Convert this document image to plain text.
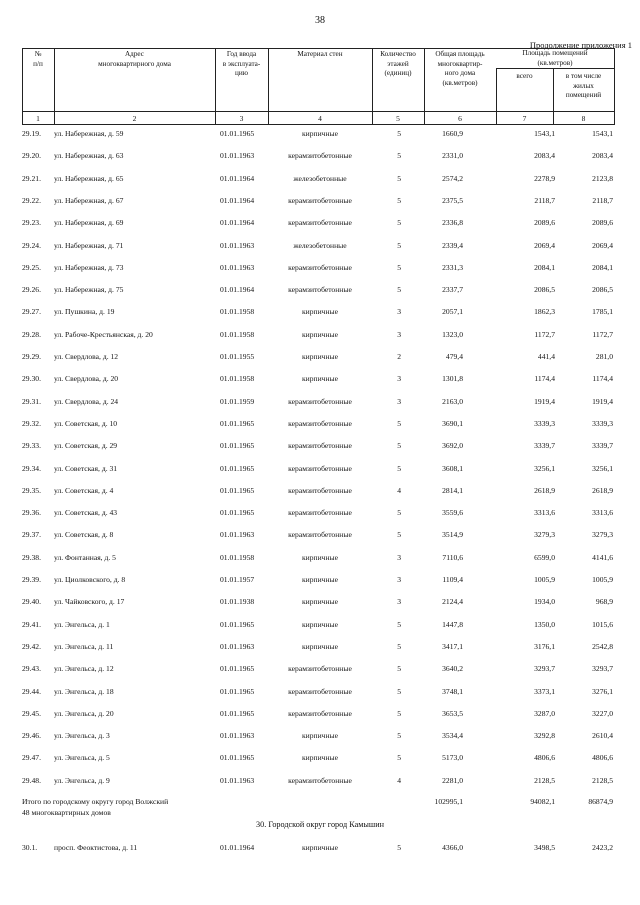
38
Продолжение приложения 1
№
п/п
Адрес
многоквартирного дома
Год ввода
в эксплуата-
цию
Материал стен	Количество
этажей
(единиц)
Общая площадь
многоквартир-
ного дома
(кв.метров)
Площадь помещений
(кв.метров)
всего	в том числе
жилых
помещений
1	2	3	4	5	6	7	8
29.19. ул. Набережная, д. 59	01.01.1965	кирпичные	5	1660,9	1543,1	1543,1
29.20. ул. Набережная, д. 63	01.01.1963	керамзитобетонные	5	2331,0	2083,4	2083,4
29.21. ул. Набережная, д. 65	01.01.1964	железобетонные	5	2574,2	2278,9	2123,8
29.22. ул. Набережная, д. 67	01.01.1964	керамзитобетонные	5	2375,5	2118,7	2118,7
29.23. ул. Набережная, д. 69	01.01.1964	керамзитобетонные	5	2336,8	2089,6	2089,6
29.24. ул. Набережная, д. 71	01.01.1963	железобетонные	5	2339,4	2069,4	2069,4
29.25. ул. Набережная, д. 73	01.01.1963	керамзитобетонные	5	2331,3	2084,1	2084,1
29.26. ул. Набережная, д. 75	01.01.1964	керамзитобетонные	5	2337,7	2086,5	2086,5
29.27. ул. Пушкина, д. 19	01.01.1958	кирпичные	3	2057,1	1862,3	1785,1
29.28. ул. Рабоче-Крестьянская, д. 20	01.01.1958	кирпичные	3	1323,0	1172,7	1172,7
29.29. ул. Свердлова, д. 12	01.01.1955	кирпичные	2	479,4	441,4	281,0
29.30. ул. Свердлова, д. 20	01.01.1958	кирпичные	3	1301,8	1174,4	1174,4
29.31. ул. Свердлова, д. 24	01.01.1959	керамзитобетонные	3	2163,0	1919,4	1919,4
29.32. ул. Советская, д. 10	01.01.1965	керамзитобетонные	5	3690,1	3339,3	3339,3
29.33. ул. Советская, д. 29	01.01.1965	керамзитобетонные	5	3692,0	3339,7	3339,7
29.34. ул. Советская, д. 31	01.01.1965	керамзитобетонные	5	3608,1	3256,1	3256,1
29.35. ул. Советская, д. 4	01.01.1965	керамзитобетонные	4	2814,1	2618,9	2618,9
29.36. ул. Советская, д. 43	01.01.1965	керамзитобетонные	5	3559,6	3313,6	3313,6
29.37. ул. Советская, д. 8	01.01.1963	керамзитобетонные	5	3514,9	3279,3	3279,3
29.38. ул. Фонтанная, д. 5	01.01.1958	кирпичные	3	7110,6	6599,0	4141,6
29.39. ул. Циолковского, д. 8	01.01.1957	кирпичные	3	1109,4	1005,9	1005,9
29.40. ул. Чайковского, д. 17	01.01.1938	кирпичные	3	2124,4	1934,0	968,9
29.41. ул. Энгельса, д. 1	01.01.1965	кирпичные	5	1447,8	1350,0	1015,6
29.42. ул. Энгельса, д. 11	01.01.1963	кирпичные	5	3417,1	3176,1	2542,8
29.43. ул. Энгельса, д. 12	01.01.1965	керамзитобетонные	5	3640,2	3293,7	3293,7
29.44. ул. Энгельса, д. 18	01.01.1965	керамзитобетонные	5	3748,1	3373,1	3276,1
29.45. ул. Энгельса, д. 20	01.01.1965	керамзитобетонные	5	3653,5	3287,0	3227,0
29.46. ул. Энгельса, д. 3	01.01.1963	кирпичные	5	3534,4	3292,8	2610,4
29.47. ул. Энгельса, д. 5	01.01.1965	кирпичные	5	5173,0	4806,6	4806,6
29.48. ул. Энгельса, д. 9	01.01.1963	керамзитобетонные	4	2281,0	2128,5	2128,5
Итого по городскому округу город Волжский
48 многоквартирных домов
102995,1	94082,1	86874,9
30. Городской округ город Камышин
30.1. просп. Феоктистова, д. 11	01.01.1964	кирпичные	5	4366,0	3498,5	2423,2
